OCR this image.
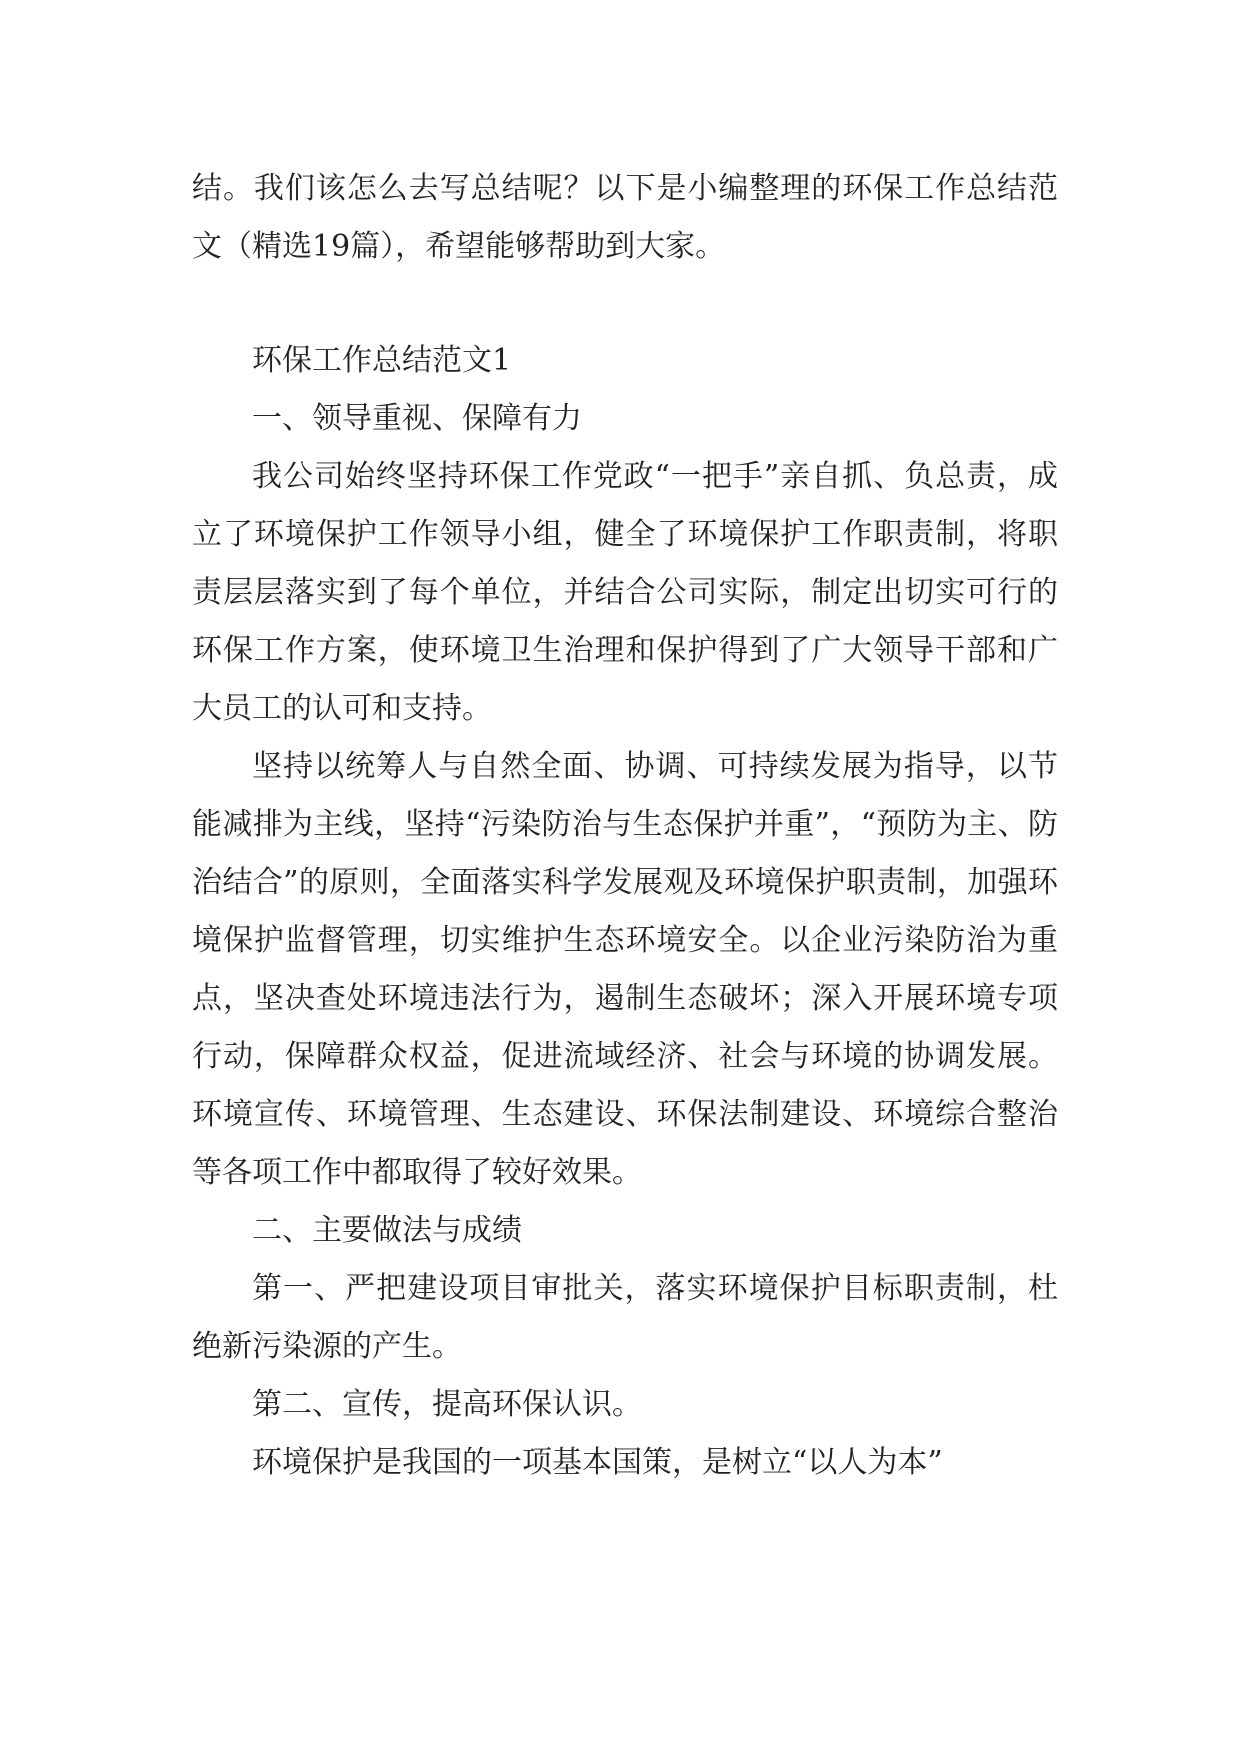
结。我们该怎么去写总结呢？以下是小编整理的环保工作总结范文（精选19篇），希望能够帮助到大家。

环保工作总结范文1

一、领导重视、保障有力

我公司始终坚持环保工作党政“一把手”亲自抓、负总责，成立了环境保护工作领导小组，健全了环境保护工作职责制，将职责层层落实到了每个单位，并结合公司实际，制定出切实可行的环保工作方案，使环境卫生治理和保护得到了广大领导干部和广大员工的认可和支持。

坚持以统筹人与自然全面、协调、可持续发展为指导，以节能减排为主线，坚持“污染防治与生态保护并重”，“预防为主、防治结合”的原则，全面落实科学发展观及环境保护职责制，加强环境保护监督管理，切实维护生态环境安全。以企业污染防治为重点，坚决查处环境违法行为，遏制生态破坏；深入开展环境专项行动，保障群众权益，促进流域经济、社会与环境的协调发展。环境宣传、环境管理、生态建设、环保法制建设、环境综合整治等各项工作中都取得了较好效果。

二、主要做法与成绩

第一、严把建设项目审批关，落实环境保护目标职责制，杜绝新污染源的产生。

第二、宣传，提高环保认识。

环境保护是我国的一项基本国策，是树立“以人为本”
